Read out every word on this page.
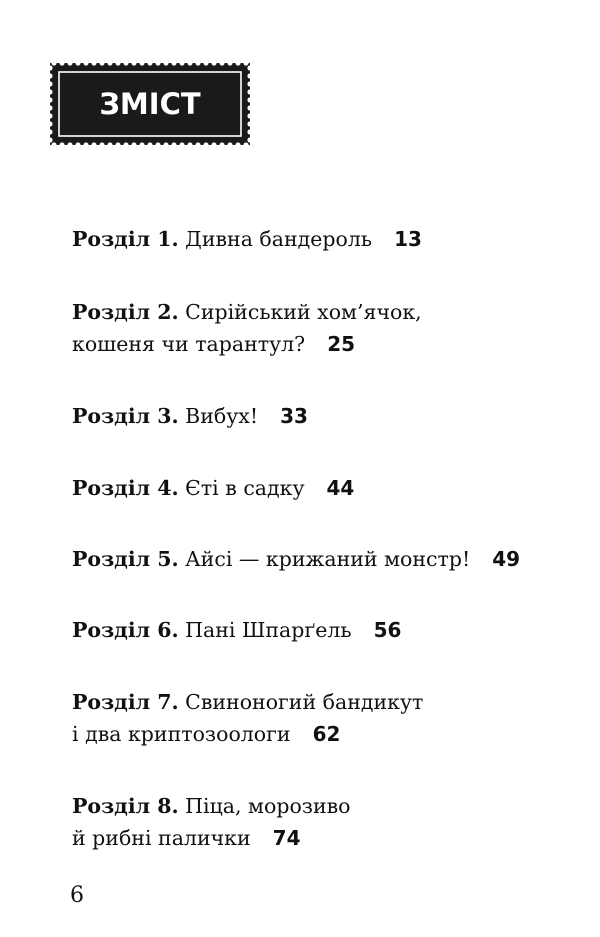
ЗМІСТ
Розділ 1. Дивна бандероль 13
Розділ 2. Сирійський хом’ячок,
кошеня чи тарантул? 25
Розділ 3. Вибух! 33
Розділ 4. Єті в садку 44
Розділ 5. Айсі — крижаний монстр! 49
Розділ 6. Пані Шпарґель 56
Розділ 7. Свиноногий бандикут
і два криптозоологи 62
Розділ 8. Піца, морозиво
й рибні палички 74
6
